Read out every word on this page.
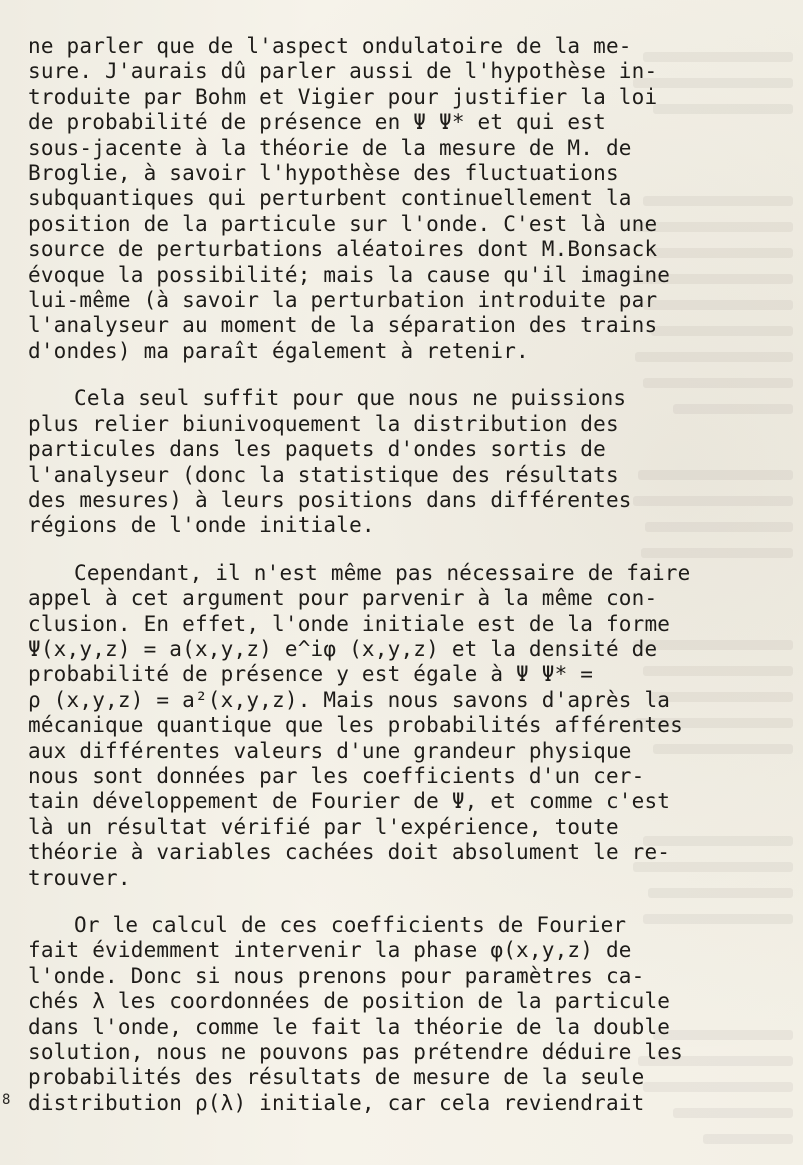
ne parler que de l'aspect ondulatoire de la me-
sure. J'aurais dû parler aussi de l'hypothèse in-
troduite par Bohm et Vigier pour justifier la loi
de probabilité de présence en Ψ Ψ* et qui est
sous-jacente à la théorie de la mesure de M. de
Broglie, à savoir l'hypothèse des fluctuations
subquantiques qui perturbent continuellement la
position de la particule sur l'onde. C'est là une
source de perturbations aléatoires dont M.Bonsack
évoque la possibilité; mais la cause qu'il imagine
lui-même (à savoir la perturbation introduite par
l'analyseur au moment de la séparation des trains
d'ondes) ma paraît également à retenir.
Cela seul suffit pour que nous ne puissions
plus relier biunivoquement la distribution des
particules dans les paquets d'ondes sortis de
l'analyseur (donc la statistique des résultats
des mesures) à leurs positions dans différentes
régions de l'onde initiale.
Cependant, il n'est même pas nécessaire de faire
appel à cet argument pour parvenir à la même con-
clusion. En effet, l'onde initiale est de la forme
Ψ(x,y,z) = a(x,y,z) e^iφ (x,y,z) et la densité de
probabilité de présence y est égale à Ψ Ψ* =
ρ (x,y,z) = a²(x,y,z). Mais nous savons d'après la
mécanique quantique que les probabilités afférentes
aux différentes valeurs d'une grandeur physique
nous sont données par les coefficients d'un cer-
tain développement de Fourier de Ψ, et comme c'est
là un résultat vérifié par l'expérience, toute
théorie à variables cachées doit absolument le re-
trouver.
Or le calcul de ces coefficients de Fourier
fait évidemment intervenir la phase φ(x,y,z) de
l'onde. Donc si nous prenons pour paramètres ca-
chés λ les coordonnées de position de la particule
dans l'onde, comme le fait la théorie de la double
solution, nous ne pouvons pas prétendre déduire les
probabilités des résultats de mesure de la seule
distribution ρ(λ) initiale, car cela reviendrait
8
